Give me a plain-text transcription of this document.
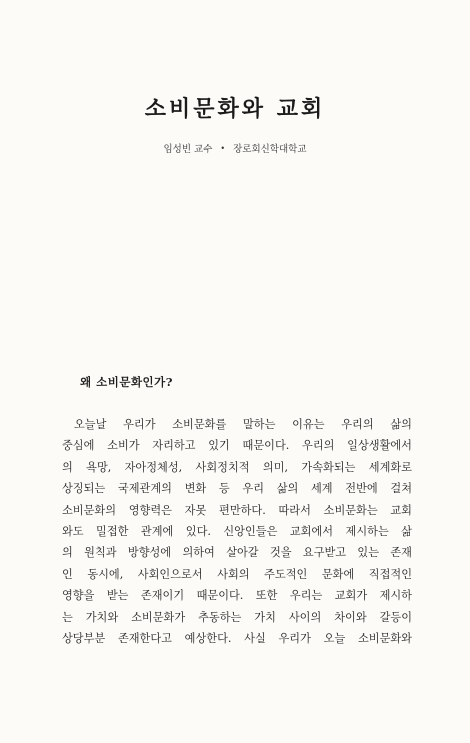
소비문화와 교회
임성빈 교수 • 장로회신학대학교
왜 소비문화인가?
오늘날 우리가 소비문화를 말하는 이유는 우리의 삶의
중심에 소비가 자리하고 있기 때문이다. 우리의 일상생활에서
의 욕망, 자아정체성, 사회정치적 의미, 가속화되는 세계화로
상징되는 국제관계의 변화 등 우리 삶의 세계 전반에 걸쳐
소비문화의 영향력은 자못 편만하다. 따라서 소비문화는 교회
와도 밀접한 관계에 있다. 신앙인들은 교회에서 제시하는 삶
의 원칙과 방향성에 의하여 살아갈 것을 요구받고 있는 존재
인 동시에, 사회인으로서 사회의 주도적인 문화에 직접적인
영향을 받는 존재이기 때문이다. 또한 우리는 교회가 제시하
는 가치와 소비문화가 추동하는 가치 사이의 차이와 갈등이
상당부분 존재한다고 예상한다. 사실 우리가 오늘 소비문화와
